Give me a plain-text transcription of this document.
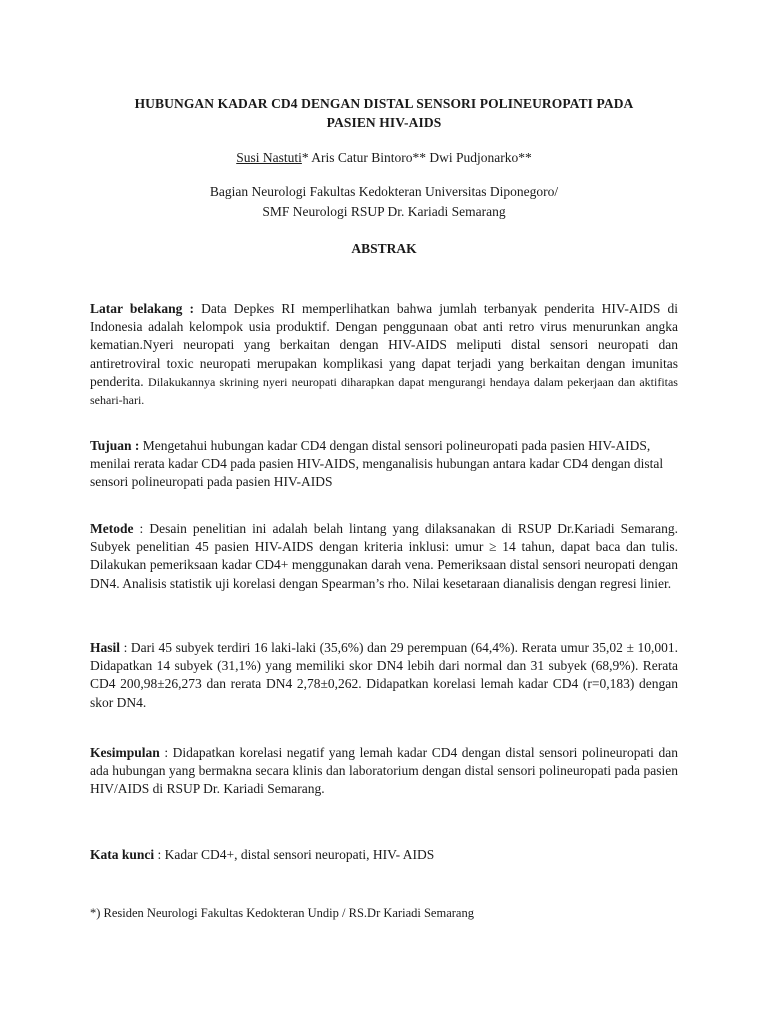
HUBUNGAN KADAR CD4 DENGAN DISTAL SENSORI POLINEUROPATI PADA
PASIEN HIV-AIDS
Susi Nastuti* Aris Catur Bintoro** Dwi Pudjonarko**
Bagian Neurologi Fakultas Kedokteran Universitas Diponegoro/
SMF Neurologi RSUP Dr. Kariadi Semarang
ABSTRAK
Latar belakang : Data Depkes RI memperlihatkan bahwa jumlah terbanyak penderita HIV-AIDS di Indonesia adalah kelompok usia produktif. Dengan penggunaan obat anti retro virus menurunkan angka kematian.Nyeri neuropati yang berkaitan dengan HIV-AIDS meliputi distal sensori neuropati dan antiretroviral toxic neuropati merupakan komplikasi yang dapat terjadi yang berkaitan dengan imunitas penderita. Dilakukannya skrining nyeri neuropati diharapkan dapat mengurangi hendaya dalam pekerjaan dan aktifitas sehari-hari.
Tujuan : Mengetahui hubungan kadar CD4 dengan distal sensori polineuropati pada pasien HIV-AIDS, menilai rerata kadar CD4 pada pasien HIV-AIDS, menganalisis hubungan antara kadar CD4 dengan distal sensori polineuropati pada pasien HIV-AIDS
Metode : Desain penelitian ini adalah belah lintang yang dilaksanakan di RSUP Dr.Kariadi Semarang. Subyek penelitian 45 pasien HIV-AIDS dengan kriteria inklusi: umur ≥ 14 tahun, dapat baca dan tulis. Dilakukan pemeriksaan kadar CD4+ menggunakan darah vena. Pemeriksaan distal sensori neuropati dengan DN4. Analisis statistik uji korelasi dengan Spearman’s rho. Nilai kesetaraan dianalisis dengan regresi linier.
Hasil : Dari 45 subyek terdiri 16 laki-laki (35,6%) dan 29 perempuan (64,4%). Rerata umur 35,02 ± 10,001. Didapatkan 14 subyek (31,1%) yang memiliki skor DN4 lebih dari normal dan 31 subyek (68,9%). Rerata CD4 200,98±26,273 dan rerata DN4 2,78±0,262. Didapatkan korelasi lemah kadar CD4 (r=0,183) dengan skor DN4.
Kesimpulan : Didapatkan korelasi negatif yang lemah kadar CD4 dengan distal sensori polineuropati dan ada hubungan yang bermakna secara klinis dan laboratorium dengan distal sensori polineuropati pada pasien HIV/AIDS di RSUP Dr. Kariadi Semarang.
Kata kunci : Kadar CD4+, distal sensori neuropati, HIV- AIDS
*) Residen Neurologi Fakultas Kedokteran Undip / RS.Dr Kariadi Semarang
